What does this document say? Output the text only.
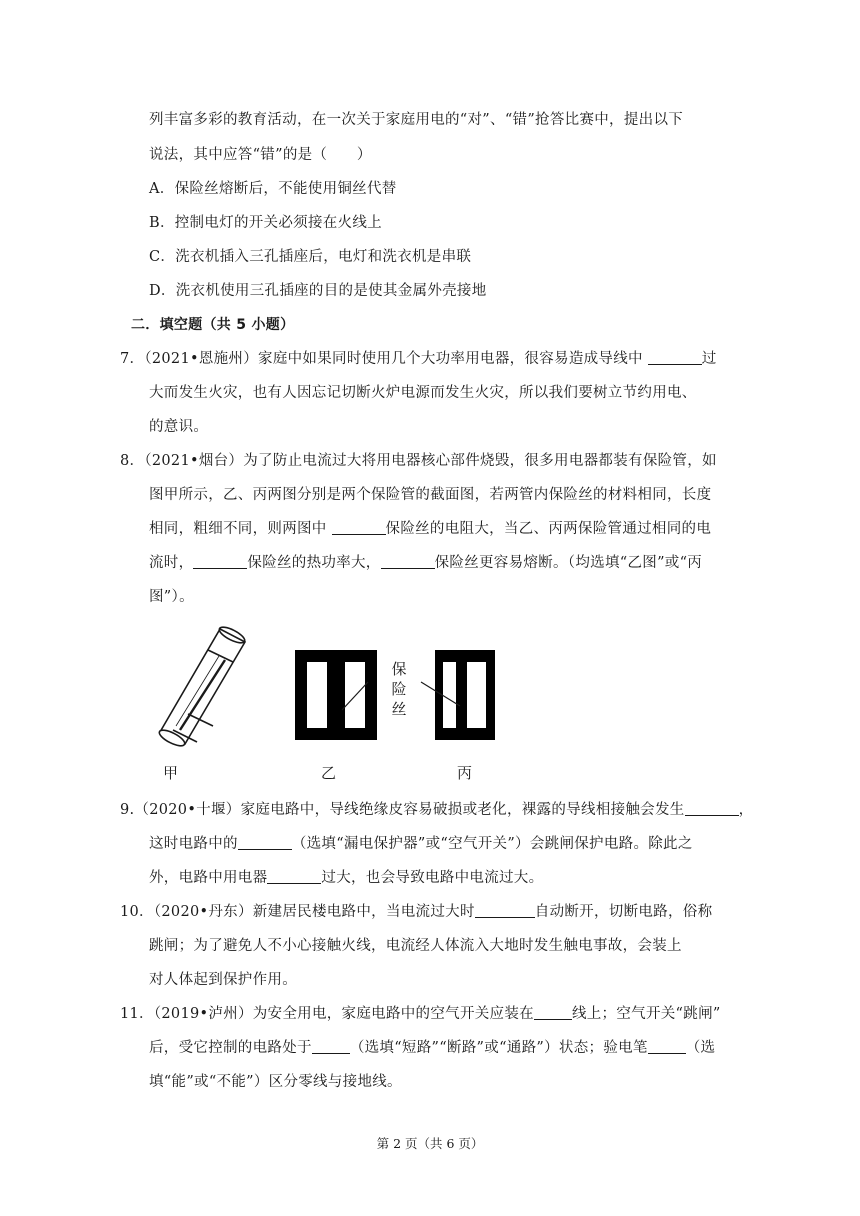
列丰富多彩的教育活动，在一次关于家庭用电的“对”、“错”抢答比赛中，提出以下
说法，其中应答“错”的是（　　）
A．保险丝熔断后，不能使用铜丝代替
B．控制电灯的开关必须接在火线上
C．洗衣机插入三孔插座后，电灯和洗衣机是串联
D．洗衣机使用三孔插座的目的是使其金属外壳接地
二．填空题（共 5 小题）
7．（2021•恩施州）家庭中如果同时使用几个大功率用电器，很容易造成导线中	过
大而发生火灾，也有人因忘记切断火炉电源而发生火灾，所以我们要树立节约用电、
的意识。
8．（2021•烟台）为了防止电流过大将用电器核心部件烧毁，很多用电器都装有保险管，如
图甲所示，乙、丙两图分别是两个保险管的截面图，若两管内保险丝的材料相同，长度
相同，粗细不同，则两图中	保险丝的电阻大，当乙、丙两保险管通过相同的电
流时，	保险丝的热功率大，	保险丝更容易熔断。（均选填“乙图”或“丙
图”）。
保
险
丝
甲	乙	丙
9.（2020•十堰）家庭电路中，导线绝缘皮容易破损或老化，裸露的导线相接触会发生	，
这时电路中的	（选填“漏电保护器”或“空气开关”）会跳闸保护电路。除此之
外，电路中用电器	过大，也会导致电路中电流过大。
10．（2020•丹东）新建居民楼电路中，当电流过大时	自动断开，切断电路，俗称
跳闸；为了避免人不小心接触火线，电流经人体流入大地时发生触电事故，会装上
对人体起到保护作用。
11．（2019•泸州）为安全用电，家庭电路中的空气开关应装在	线上；空气开关“跳闸”
后，受它控制的电路处于	（选填“短路”“断路”或“通路”）状态；验电笔	（选
填“能”或“不能”）区分零线与接地线。
第 2 页（共 6 页）
